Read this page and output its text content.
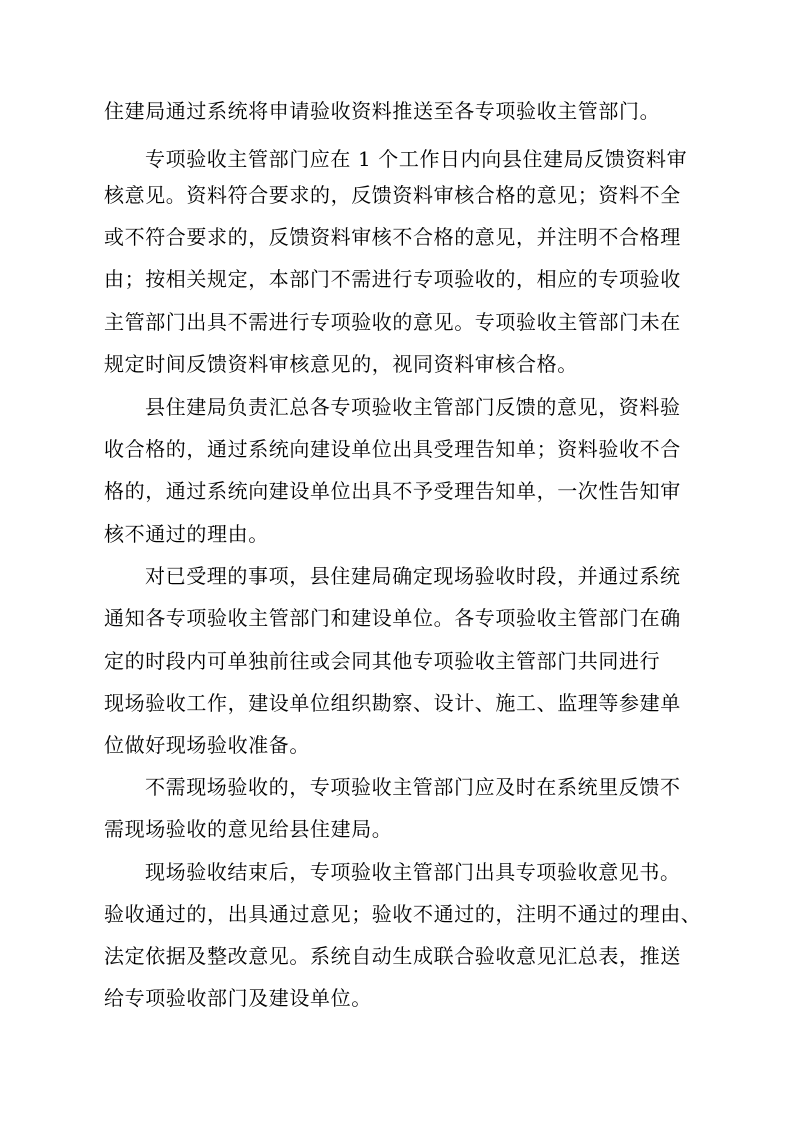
住建局通过系统将申请验收资料推送至各专项验收主管部门。
专项验收主管部门应在 1 个工作日内向县住建局反馈资料审
核意见。资料符合要求的，反馈资料审核合格的意见；资料不全
或不符合要求的，反馈资料审核不合格的意见，并注明不合格理
由；按相关规定，本部门不需进行专项验收的，相应的专项验收
主管部门出具不需进行专项验收的意见。专项验收主管部门未在
规定时间反馈资料审核意见的，视同资料审核合格。
县住建局负责汇总各专项验收主管部门反馈的意见，资料验
收合格的，通过系统向建设单位出具受理告知单；资料验收不合
格的，通过系统向建设单位出具不予受理告知单，一次性告知审
核不通过的理由。
对已受理的事项，县住建局确定现场验收时段，并通过系统
通知各专项验收主管部门和建设单位。各专项验收主管部门在确
定的时段内可单独前往或会同其他专项验收主管部门共同进行
现场验收工作，建设单位组织勘察、设计、施工、监理等参建单
位做好现场验收准备。
不需现场验收的，专项验收主管部门应及时在系统里反馈不
需现场验收的意见给县住建局。
现场验收结束后，专项验收主管部门出具专项验收意见书。
验收通过的，出具通过意见；验收不通过的，注明不通过的理由、
法定依据及整改意见。系统自动生成联合验收意见汇总表，推送
给专项验收部门及建设单位。
